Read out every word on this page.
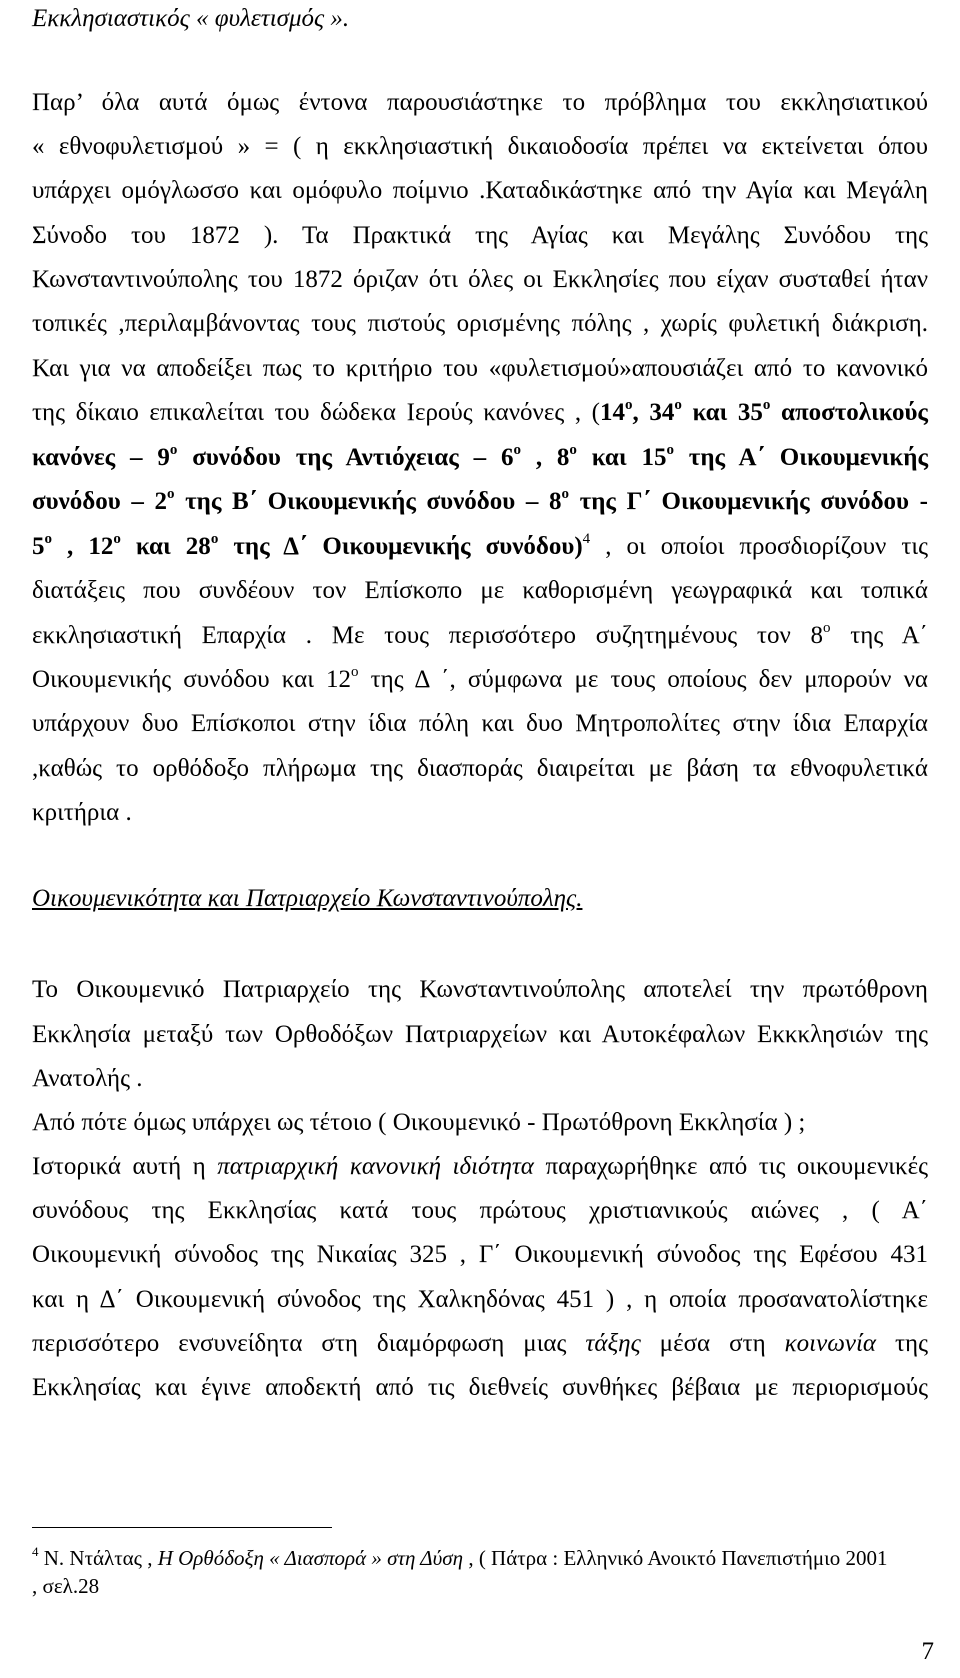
Εκκλησιαστικός « φυλετισμός ».
Παρ’ όλα αυτά όμως έντονα παρουσιάστηκε το πρόβλημα του εκκλησιατικού
« εθνοφυλετισμού » = ( η εκκλησιαστική δικαιοδοσία πρέπει να εκτείνεται όπου
υπάρχει ομόγλωσσο και ομόφυλο ποίμνιο .Καταδικάστηκε από την Αγία και Μεγάλη
Σύνοδο του 1872 ). Τα Πρακτικά της Αγίας και Μεγάλης Συνόδου της
Κωνσταντινούπολης του 1872 όριζαν ότι όλες οι Εκκλησίες που είχαν συσταθεί ήταν
τοπικές ,περιλαμβάνοντας τους πιστούς ορισμένης πόλης , χωρίς φυλετική διάκριση.
Και για να αποδείξει πως το κριτήριο του «φυλετισμού»απουσιάζει από το κανονικό
της δίκαιο επικαλείται του δώδεκα Ιερούς κανόνες , ($14^o$, $34^o$ και $35^o$ αποστολικούς
κανόνες – $9^o$ συνόδου της Αντιόχειας – $6^o$ , $8^o$ και $15^o$ της Α΄ Οικουμενικής
συνόδου – $2^o$ της Β΄ Οικουμενικής συνόδου – $8^o$ της Γ΄ Οικουμενικής συνόδου -
$5^o$ , $12^o$ και $28^o$ της Δ΄ Οικουμενικής συνόδου)$^4$ , οι οποίοι προσδιορίζουν τις
διατάξεις που συνδέουν τον Επίσκοπο με καθορισμένη γεωγραφικά και τοπικά
εκκλησιαστική Επαρχία . Με τους περισσότερο συζητημένους τον $8^o$ της Α΄
Οικουμενικής συνόδου και $12^o$ της Δ ΄, σύμφωνα με τους οποίους δεν μπορούν να
υπάρχουν δυο Επίσκοποι στην ίδια πόλη και δυο Μητροπολίτες στην ίδια Επαρχία
,καθώς το ορθόδοξο πλήρωμα της διασποράς διαιρείται με βάση τα εθνοφυλετικά
κριτήρια .
Οικουμενικότητα και Πατριαρχείο Κωνσταντινούπολης.
Το Οικουμενικό Πατριαρχείο της Κωνσταντινούπολης αποτελεί την πρωτόθρονη
Εκκλησία μεταξύ των Ορθοδόξων Πατριαρχείων και Αυτοκέφαλων Εκκκλησιών της
Ανατολής .
Από πότε όμως υπάρχει ως τέτοιο ( Οικουμενικό - Πρωτόθρονη Εκκλησία ) ;
Ιστορικά αυτή η πατριαρχική κανονική ιδιότητα παραχωρήθηκε από τις οικουμενικές
συνόδους της Εκκλησίας κατά τους πρώτους χριστιανικούς αιώνες , ( Α΄
Οικουμενική σύνοδος της Νικαίας 325 , Γ΄ Οικουμενική σύνοδος της Εφέσου 431
και η Δ΄ Οικουμενική σύνοδος της Χαλκηδόνας 451 ) , η οποία προσανατολίστηκε
περισσότερο ενσυνείδητα στη διαμόρφωση μιας τάξης μέσα στη κοινωνία της
Εκκλησίας και έγινε αποδεκτή από τις διεθνείς συνθήκες βέβαια με περιορισμούς
$^4$ Ν. Ντάλτας , Η Ορθόδοξη « Διασπορά » στη Δύση , ( Πάτρα : Ελληνικό Ανοικτό Πανεπιστήμιο 2001
, σελ.28
7
